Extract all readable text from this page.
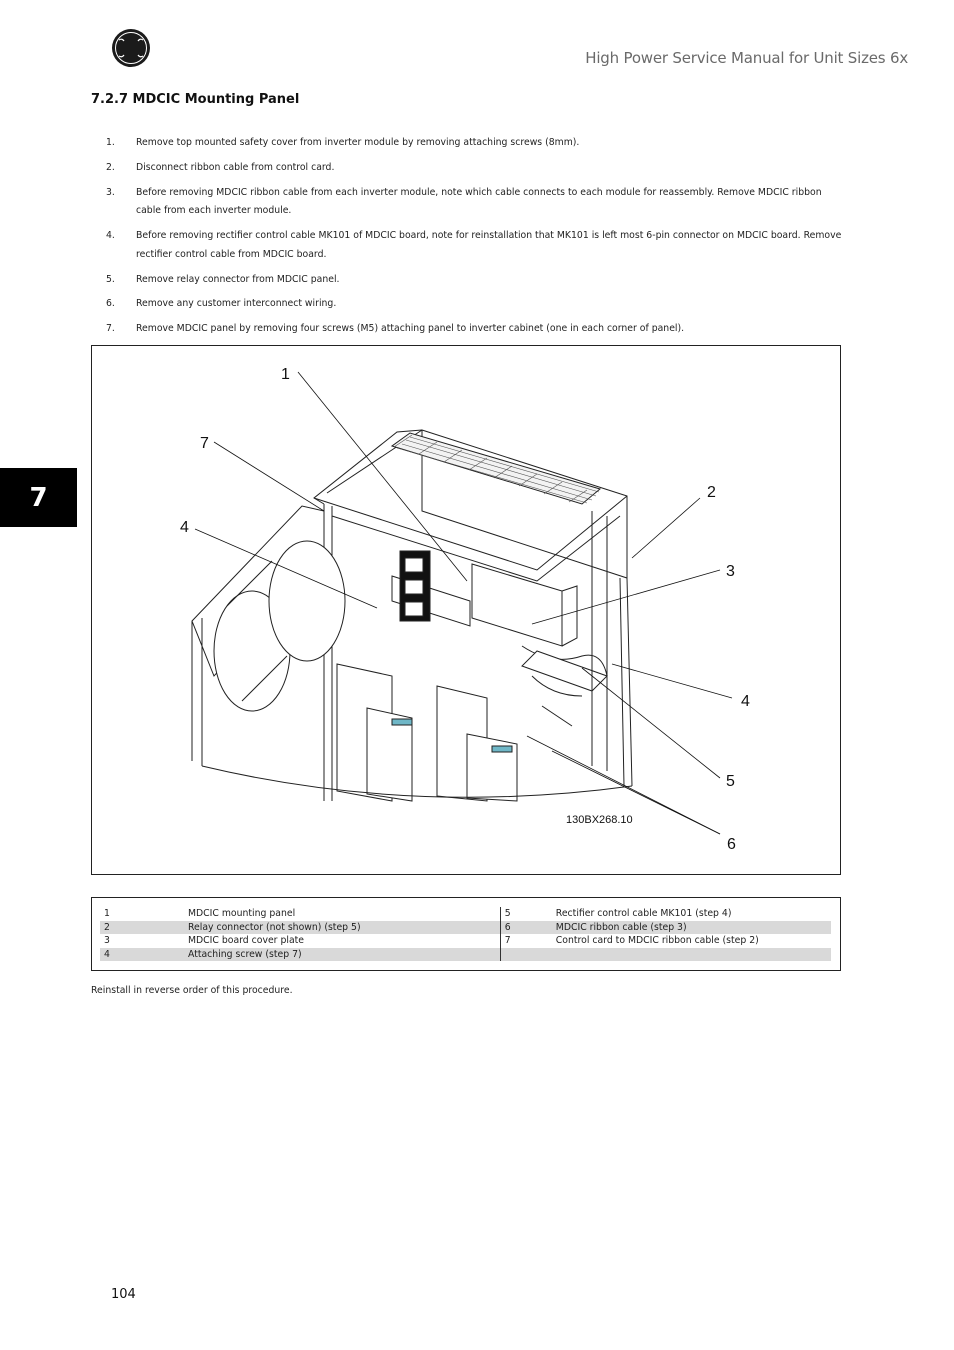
High Power Service Manual for Unit Sizes 6x
7.2.7 MDCIC Mounting Panel
1.	Remove top mounted safety cover from inverter module by removing attaching screws (8mm).
2.	Disconnect ribbon cable from control card.
3.	Before removing MDCIC ribbon cable from each inverter module, note which cable connects to each module for reassembly. Remove MDCIC ribbon cable from each inverter module.
4.	Before removing rectifier control cable MK101 of MDCIC board, note for reinstallation that MK101 is left most 6-pin connector on MDCIC board. Remove rectifier control cable from MDCIC board.
5.	Remove relay connector from MDCIC panel.
6.	Remove any customer interconnect wiring.
7.	Remove MDCIC panel by removing four screws (M5) attaching panel to inverter cabinet (one in each corner of panel).
7
1
7
4
2
3
4
5
6
130BX268.10
1	MDCIC mounting panel	5	Rectifier control cable MK101 (step 4)
2	Relay connector (not shown) (step 5)	6	MDCIC ribbon cable (step 3)
3	MDCIC board cover plate	7	Control card to MDCIC ribbon cable (step 2)
4	Attaching screw (step 7)
Reinstall in reverse order of this procedure.
104
